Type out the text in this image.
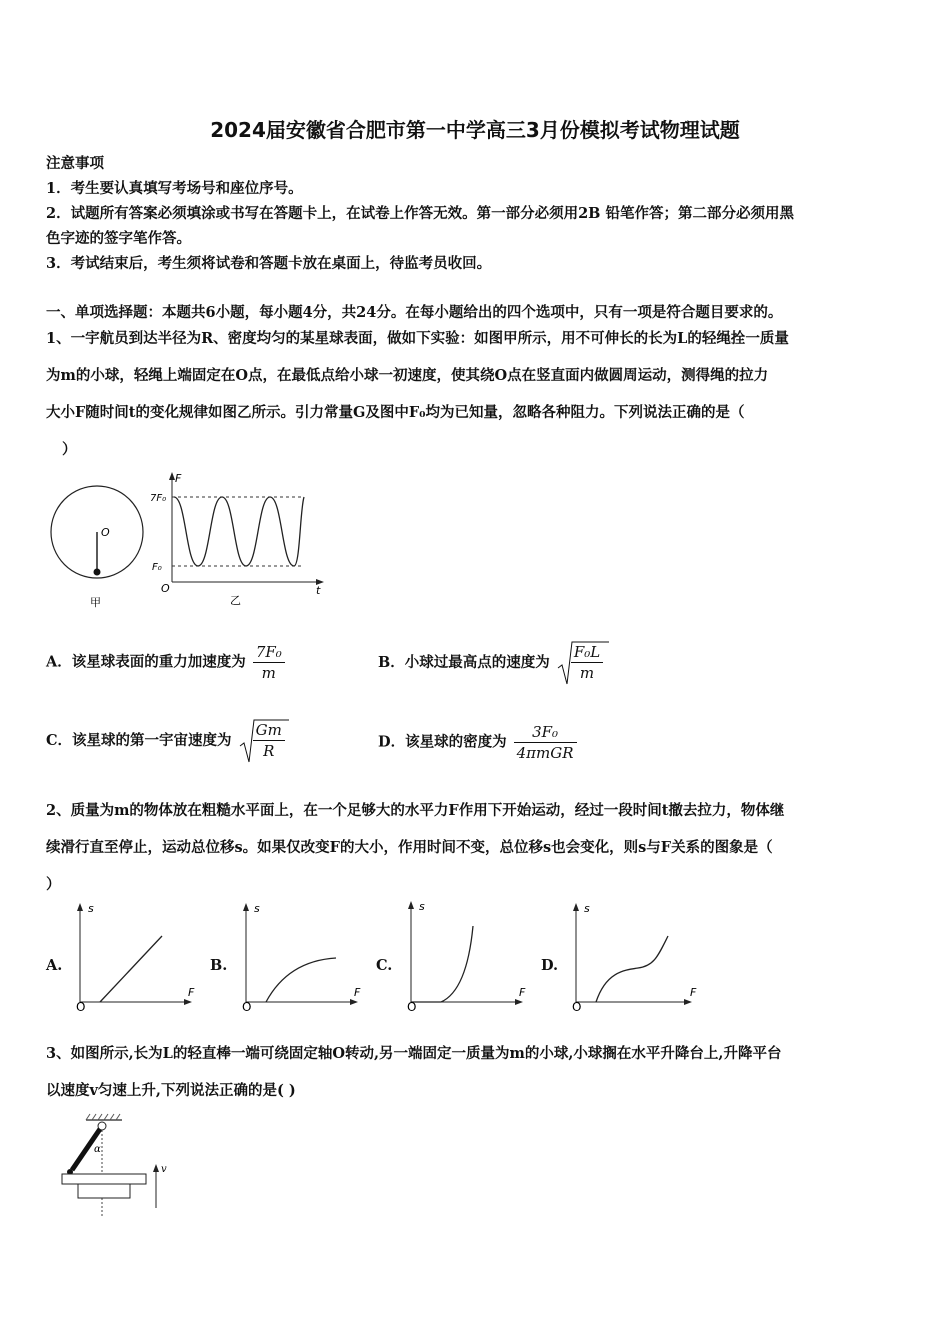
2024届安徽省合肥市第一中学高三3月份模拟考试物理试题
注意事项
1．考生要认真填写考场号和座位序号。
2．试题所有答案必须填涂或书写在答题卡上，在试卷上作答无效。第一部分必须用2B 铅笔作答；第二部分必须用黑
色字迹的签字笔作答。
3．考试结束后，考生须将试卷和答题卡放在桌面上，待监考员收回。
一、单项选择题：本题共6小题，每小题4分，共24分。在每小题给出的四个选项中，只有一项是符合题目要求的。
1、一宇航员到达半径为R、密度均匀的某星球表面，做如下实验：如图甲所示，用不可伸长的长为L的轻绳拴一质量
为m的小球，轻绳上端固定在O点，在最低点给小球一初速度，使其绕O点在竖直面内做圆周运动，测得绳的拉力
大小F随时间t的变化规律如图乙所示。引力常量G及图中F₀均为已知量，忽略各种阻力。下列说法正确的是（
）
O
甲
F
7F₀
F₀
O	t
乙
A．该星球表面的重力加速度为 $\frac{\text{7F₀}}{m}$	B．小球过最高点的速度为 $\frac{\text{F₀L}}{m}$
C．该星球的第一宇宙速度为 $\frac{Gm}{R}$	D．该星球的密度为 $\frac{\text{3F₀}}{\text{4πmGR}}$
2、质量为m的物体放在粗糙水平面上，在一个足够大的水平力F作用下开始运动，经过一段时间t撤去拉力，物体继
续滑行直至停止，运动总位移s。如果仅改变F的大小，作用时间不变，总位移s也会变化，则s与F关系的图象是（
）
A.
s
F
O
B.
s
F
O
C.
s
F
O
D.
s
F
O
3、如图所示,长为L的轻直棒一端可绕固定轴O转动,另一端固定一质量为m的小球,小球搁在水平升降台上,升降平台
以速度v匀速上升,下列说法正确的是( )
α
v
